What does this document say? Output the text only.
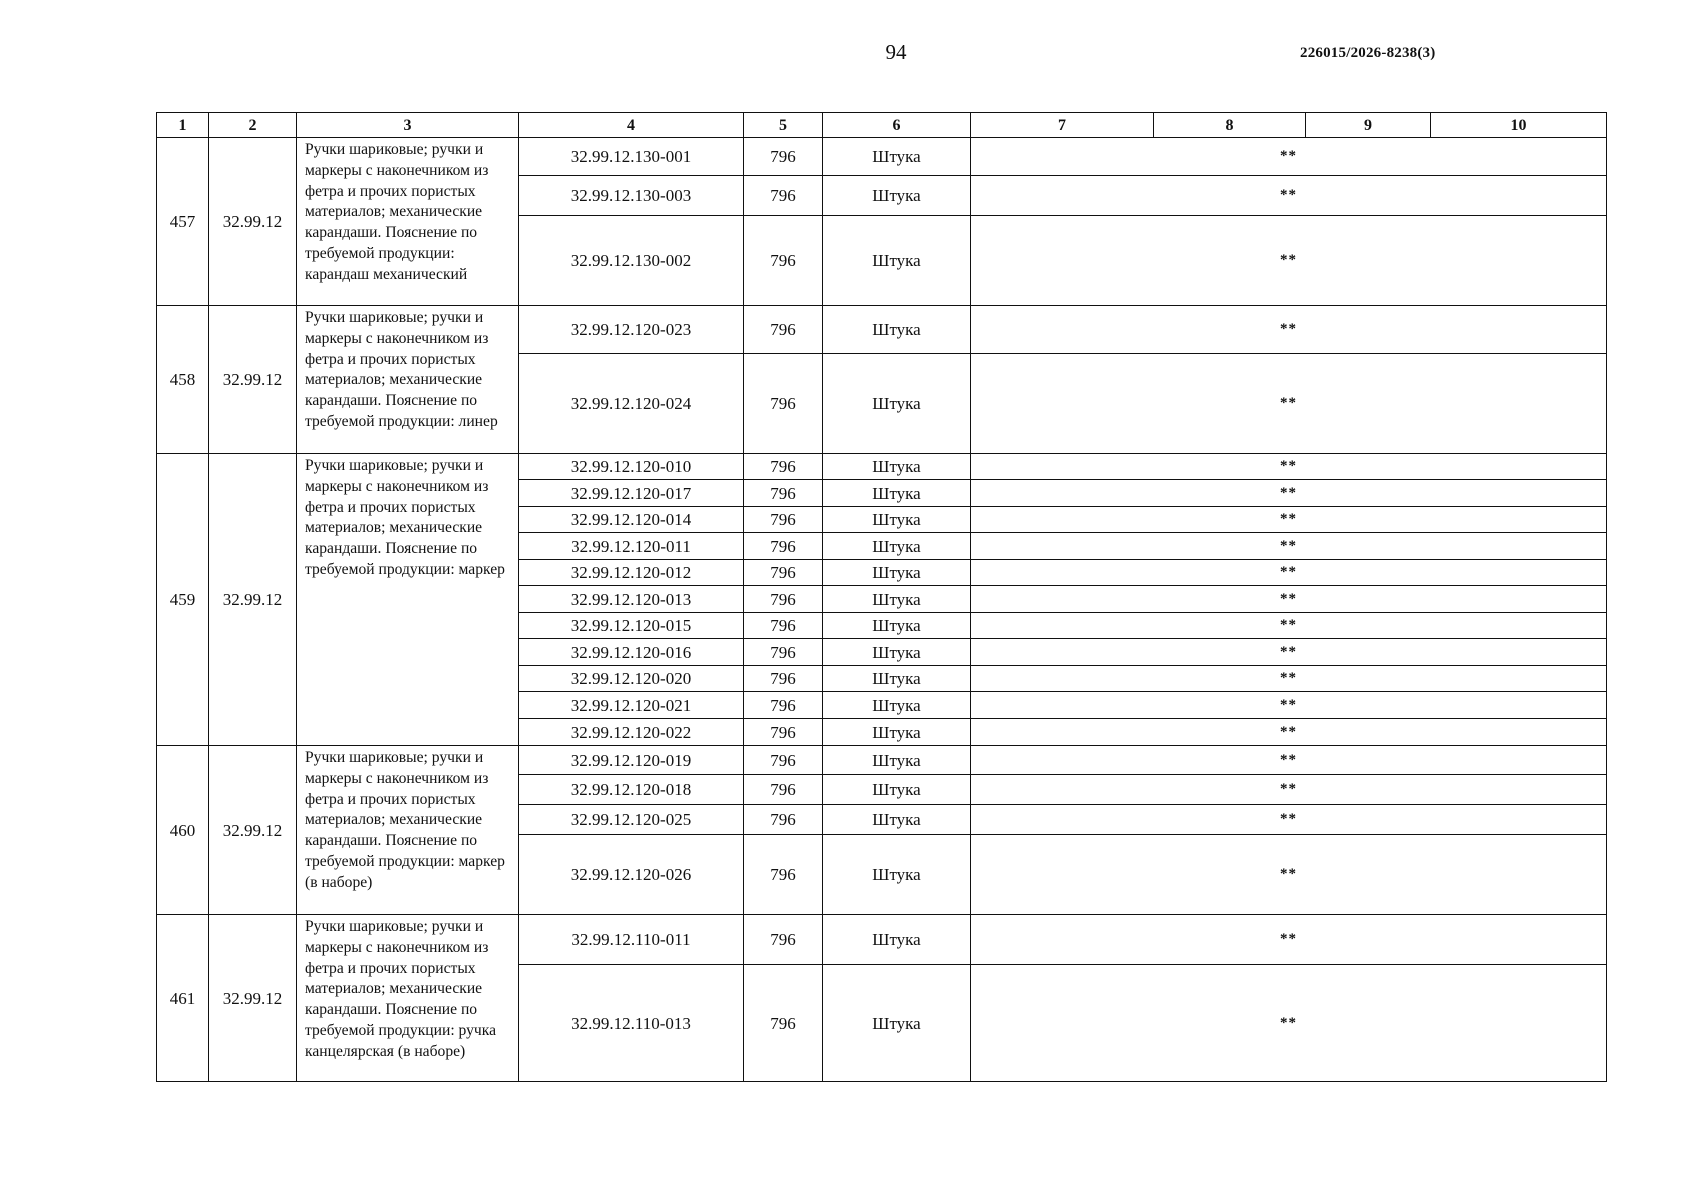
94	226015/2026-8238(3)
1	2	3	4	5	6	7	8	9	10
457	32.99.12	Ручки шариковые; ручки и маркеры с наконечником из фетра и прочих пористых материалов; механические карандаши. Пояснение по требуемой продукции: карандаш механический	32.99.12.130-001	796	Штука	**			
			32.99.12.130-003	796	Штука	**			
			32.99.12.130-002	796	Штука	**			
458	32.99.12	Ручки шариковые; ручки и маркеры с наконечником из фетра и прочих пористых материалов; механические карандаши. Пояснение по требуемой продукции: линер	32.99.12.120-023	796	Штука	**			
			32.99.12.120-024	796	Штука	**			
459	32.99.12	Ручки шариковые; ручки и маркеры с наконечником из фетра и прочих пористых материалов; механические карандаши. Пояснение по требуемой продукции: маркер	32.99.12.120-010	796	Штука	**			
			32.99.12.120-017	796	Штука	**			
			32.99.12.120-014	796	Штука	**			
			32.99.12.120-011	796	Штука	**			
			32.99.12.120-012	796	Штука	**			
			32.99.12.120-013	796	Штука	**			
			32.99.12.120-015	796	Штука	**			
			32.99.12.120-016	796	Штука	**			
			32.99.12.120-020	796	Штука	**			
			32.99.12.120-021	796	Штука	**			
			32.99.12.120-022	796	Штука	**			
460	32.99.12	Ручки шариковые; ручки и маркеры с наконечником из фетра и прочих пористых материалов; механические карандаши. Пояснение по требуемой продукции: маркер (в наборе)	32.99.12.120-019	796	Штука	**			
			32.99.12.120-018	796	Штука	**			
			32.99.12.120-025	796	Штука	**			
			32.99.12.120-026	796	Штука	**			
461	32.99.12	Ручки шариковые; ручки и маркеры с наконечником из фетра и прочих пористых материалов; механические карандаши. Пояснение по требуемой продукции: ручка канцелярская (в наборе)	32.99.12.110-011	796	Штука	**			
			32.99.12.110-013	796	Штука	**			
